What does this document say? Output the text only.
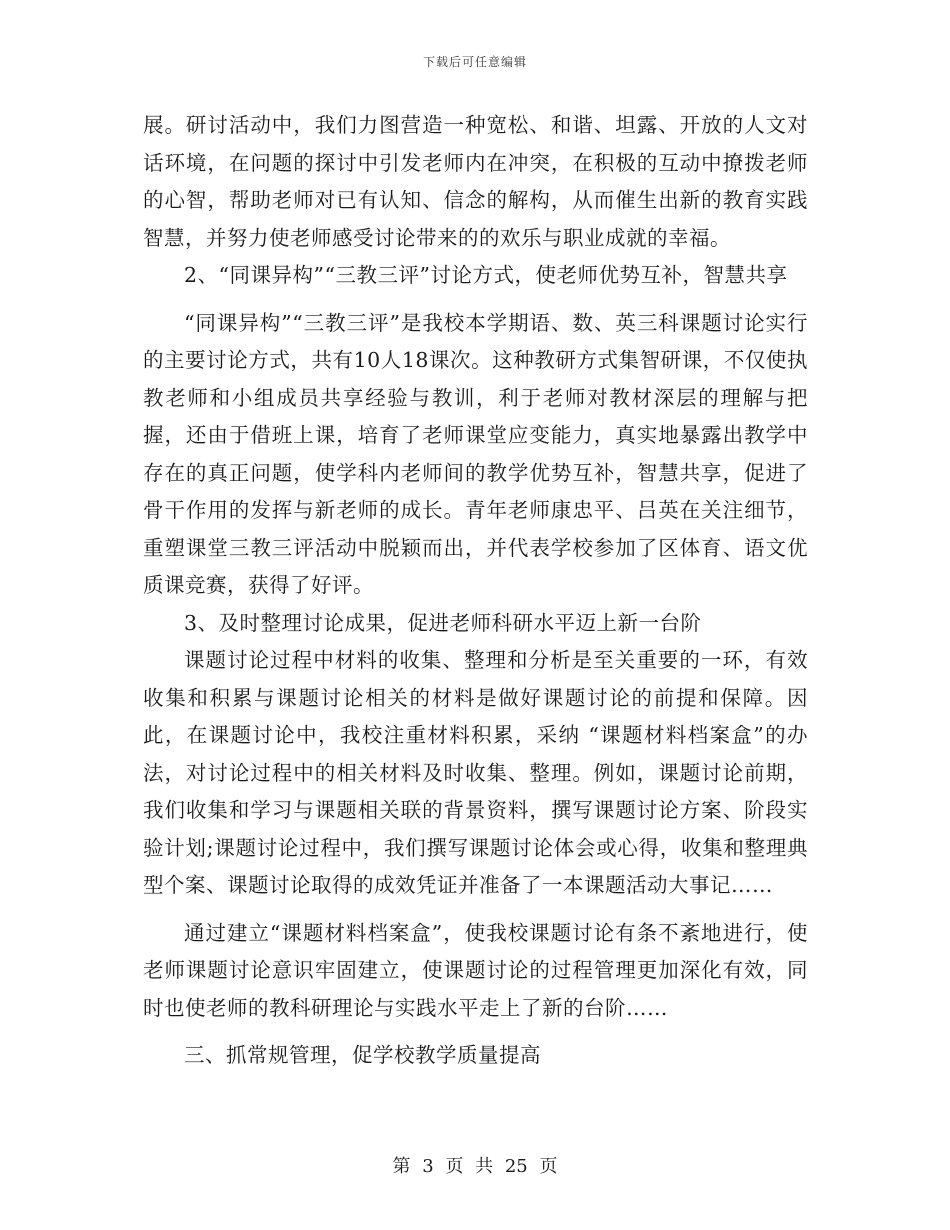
下载后可任意编辑

展。研讨活动中，我们力图营造一种宽松、和谐、坦露、开放的人文对话环境，在问题的探讨中引发老师内在冲突，在积极的互动中撩拨老师的心智，帮助老师对已有认知、信念的解构，从而催生出新的教育实践智慧，并努力使老师感受讨论带来的的欢乐与职业成就的幸福。

2、“同课异构”“三教三评”讨论方式，使老师优势互补，智慧共享

“同课异构”“三教三评”是我校本学期语、数、英三科课题讨论实行的主要讨论方式，共有10人18课次。这种教研方式集智研课，不仅使执教老师和小组成员共享经验与教训，利于老师对教材深层的理解与把握，还由于借班上课，培育了老师课堂应变能力，真实地暴露出教学中存在的真正问题，使学科内老师间的教学优势互补，智慧共享，促进了骨干作用的发挥与新老师的成长。青年老师康忠平、吕英在关注细节，重塑课堂三教三评活动中脱颖而出，并代表学校参加了区体育、语文优质课竞赛，获得了好评。

3、及时整理讨论成果，促进老师科研水平迈上新一台阶

课题讨论过程中材料的收集、整理和分析是至关重要的一环，有效收集和积累与课题讨论相关的材料是做好课题讨论的前提和保障。因此，在课题讨论中，我校注重材料积累，采纳 “课题材料档案盒”的办法，对讨论过程中的相关材料及时收集、整理。例如，课题讨论前期，我们收集和学习与课题相关联的背景资料，撰写课题讨论方案、阶段实验计划;课题讨论过程中，我们撰写课题讨论体会或心得，收集和整理典型个案、课题讨论取得的成效凭证并准备了一本课题活动大事记……

通过建立“课题材料档案盒”，使我校课题讨论有条不紊地进行，使老师课题讨论意识牢固建立，使课题讨论的过程管理更加深化有效，同时也使老师的教科研理论与实践水平走上了新的台阶……

三、抓常规管理，促学校教学质量提高

第 3 页 共 25 页
